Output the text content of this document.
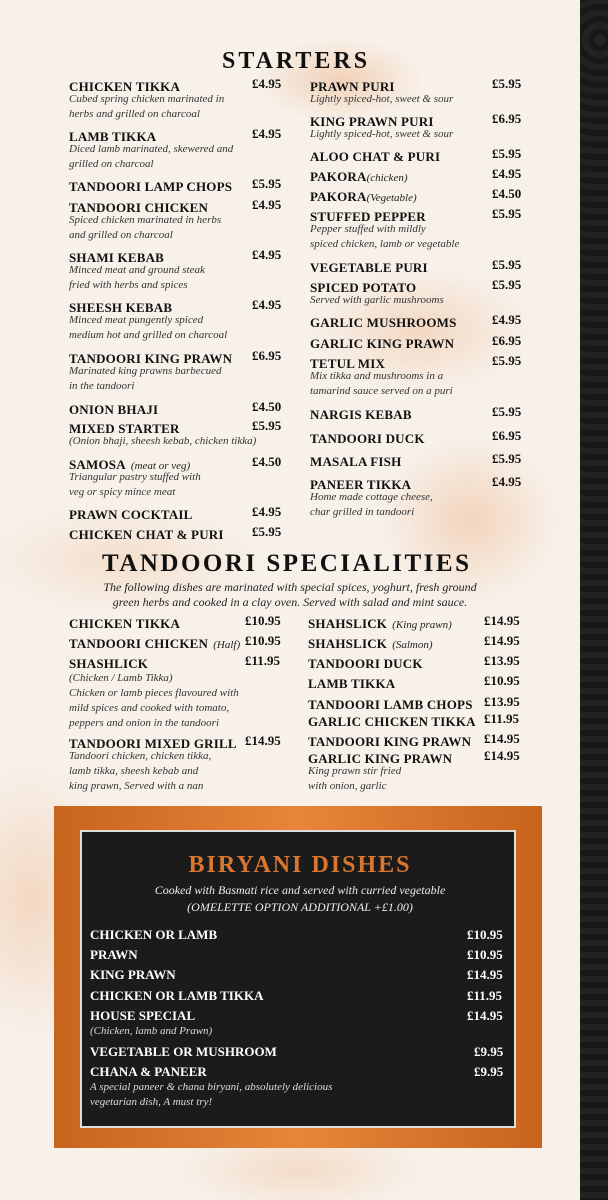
STARTERS
CHICKEN TIKKA	£4.95
Cubed spring chicken marinated in
herbs and grilled on charcoal
LAMB TIKKA	£4.95
Diced lamb marinated, skewered and
grilled on charcoal
TANDOORI LAMP CHOPS £5.95
TANDOORI CHICKEN	£4.95
Spiced chicken marinated in herbs
and grilled on charcoal
SHAMI KEBAB	£4.95
Minced meat and ground steak
fried with herbs and spices
SHEESH KEBAB	£4.95
Minced meat pungently spiced
medium hot and grilled on charcoal
TANDOORI KING PRAWN £6.95
Marinated king prawns barbecued
in the tandoori
ONION BHAJI	£4.50
MIXED STARTER	£5.95
(Onion bhaji, sheesh kebab, chicken tikka)
SAMOSA (meat or veg)	£4.50
Triangular pastry stuffed with
veg or spicy mince meat
PRAWN COCKTAIL	£4.95
CHICKEN CHAT & PURI £5.95
PRAWN PURI	£5.95
Lightly spiced-hot, sweet & sour
KING PRAWN PURI	£6.95
Lightly spiced-hot, sweet & sour
ALOO CHAT & PURI	£5.95
PAKORA(chicken)	£4.95
PAKORA(Vegetable)	£4.50
STUFFED PEPPER	£5.95
Pepper stuffed with mildly
spiced chicken, lamb or vegetable
VEGETABLE PURI	£5.95
SPICED POTATO	£5.95
Served with garlic mushrooms
GARLIC MUSHROOMS	£4.95
GARLIC KING PRAWN	£6.95
TETUL MIX	£5.95
Mix tikka and mushrooms in a
tamarind sauce served on a puri
NARGIS KEBAB	£5.95
TANDOORI DUCK	£6.95
MASALA FISH	£5.95
PANEER TIKKA	£4.95
Home made cottage cheese,
char grilled in tandoori
TANDOORI SPECIALITIES
The following dishes are marinated with special spices, yoghurt, fresh ground
green herbs and cooked in a clay oven. Served with salad and mint sauce.
CHICKEN TIKKA	£10.95
TANDOORI CHICKEN (Half) £10.95
SHASHLICK	£11.95
(Chicken / Lamb Tikka)
Chicken or lamb pieces flavoured with
mild spices and cooked with tomato,
peppers and onion in the tandoori
TANDOORI MIXED GRILL £14.95
Tandoori chicken, chicken tikka,
lamb tikka, sheesh kebab and
king prawn, Served with a nan
SHAHSLICK (King prawn) £14.95
SHAHSLICK (Salmon)	£14.95
TANDOORI DUCK	£13.95
LAMB TIKKA	£10.95
TANDOORI LAMB CHOPS £13.95
GARLIC CHICKEN TIKKA £11.95
TANDOORI KING PRAWN £14.95
GARLIC KING PRAWN £14.95
King prawn stir fried
with onion, garlic
BIRYANI DISHES
Cooked with Basmati rice and served with curried vegetable
(OMELETTE OPTION ADDITIONAL +£1.00)
CHICKEN OR LAMB	£10.95
PRAWN	£10.95
KING PRAWN	£14.95
CHICKEN OR LAMB TIKKA	£11.95
HOUSE SPECIAL	£14.95
(Chicken, lamb and Prawn)
VEGETABLE OR MUSHROOM	£9.95
CHANA & PANEER	£9.95
A special paneer & chana biryani, absolutely delicious
vegetarian dish, A must try!
